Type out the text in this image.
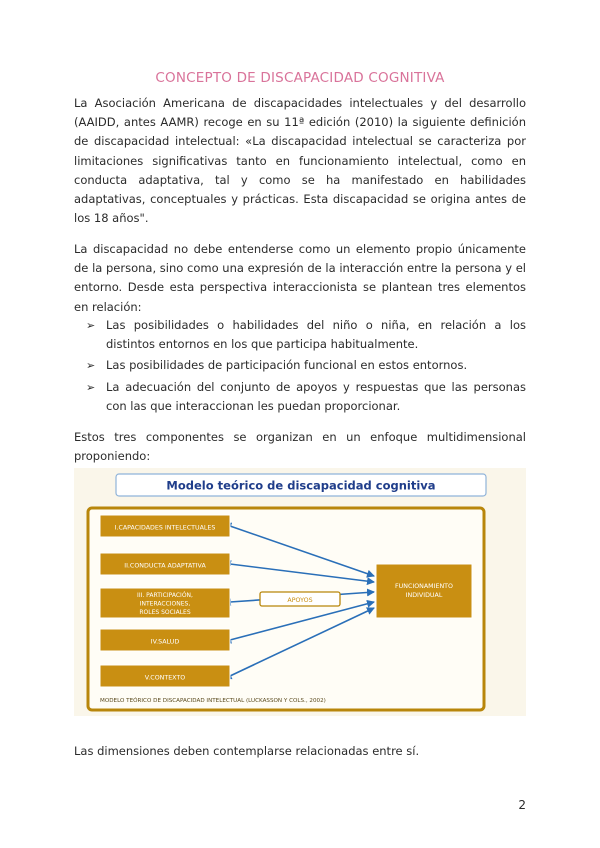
CONCEPTO DE DISCAPACIDAD COGNITIVA

La Asociación Americana de discapacidades intelectuales y del desarrollo (AAIDD, antes AAMR) recoge en su 11ª edición (2010) la siguiente definición de discapacidad intelectual: «La discapacidad intelectual se caracteriza por limitaciones significativas tanto en funcionamiento intelectual, como en conducta adaptativa, tal y como se ha manifestado en habilidades adaptativas, conceptuales y prácticas. Esta discapacidad se origina antes de los 18 años".

La discapacidad no debe entenderse como un elemento propio únicamente de la persona, sino como una expresión de la interacción entre la persona y el entorno. Desde esta perspectiva interaccionista se plantean tres elementos en relación:

➢ Las posibilidades o habilidades del niño o niña, en relación a los distintos entornos en los que participa habitualmente.
➢ Las posibilidades de participación funcional en estos entornos.
➢ La adecuación del conjunto de apoyos y respuestas que las personas con las que interaccionan les puedan proporcionar.

Estos tres componentes se organizan en un enfoque multidimensional proponiendo:

Modelo teórico de discapacidad cognitiva
I.CAPACIDADES INTELECTUALES
II.CONDUCTA ADAPTATIVA
III. PARTICIPACIÓN,
INTERACCIONES,
ROLES SOCIALES
IV.SALUD
V.CONTEXTO
APOYOS
FUNCIONAMIENTO
INDIVIDUAL
MODELO TEÓRICO DE DISCAPACIDAD INTELECTUAL (LUCKASSON Y COLS., 2002)

Las dimensiones deben contemplarse relacionadas entre sí.

2
